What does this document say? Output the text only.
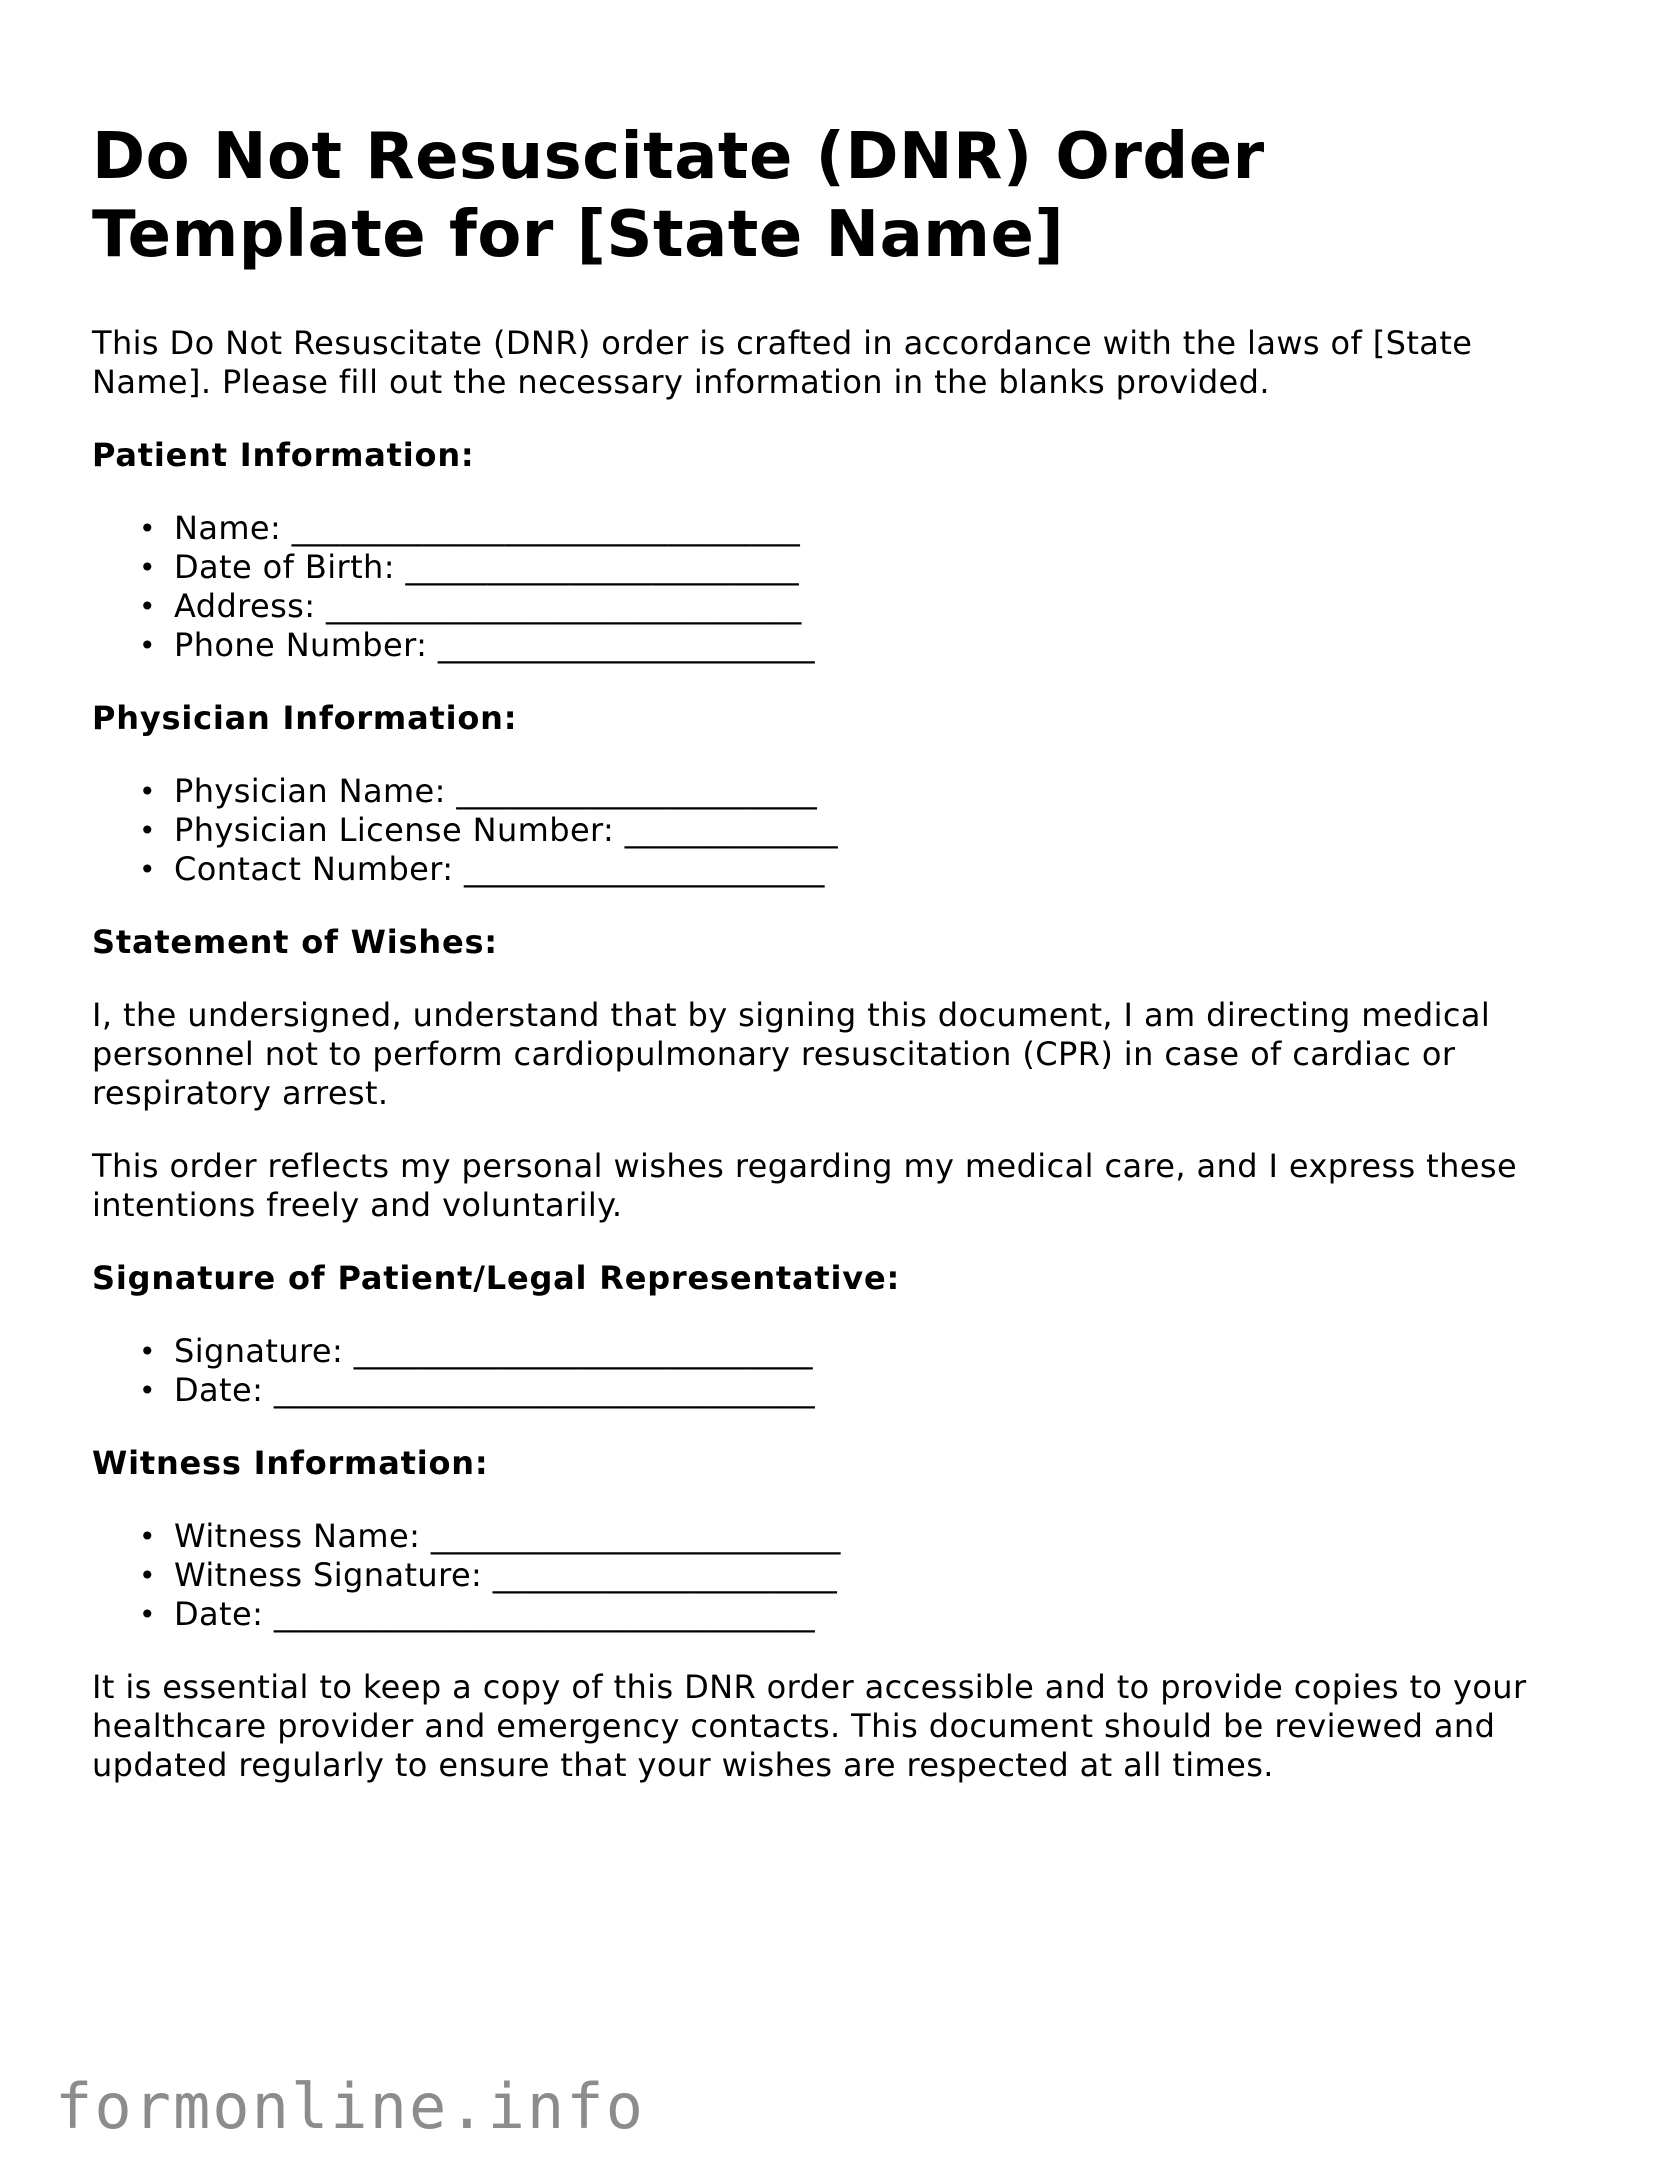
Do Not Resuscitate (DNR) Order Template for [State Name]

This Do Not Resuscitate (DNR) order is crafted in accordance with the laws of [State Name]. Please fill out the necessary information in the blanks provided.

Patient Information:
• Name: _______________________________
• Date of Birth: ________________________
• Address: _____________________________
• Phone Number: _______________________
Physician Information:
• Physician Name: ______________________
• Physician License Number: _____________
• Contact Number: ______________________
Statement of Wishes:

I, the undersigned, understand that by signing this document, I am directing medical personnel not to perform cardiopulmonary resuscitation (CPR) in case of cardiac or respiratory arrest.

This order reflects my personal wishes regarding my medical care, and I express these intentions freely and voluntarily.

Signature of Patient/Legal Representative:
• Signature: ____________________________
• Date: _________________________________
Witness Information:
• Witness Name: _________________________
• Witness Signature: _____________________
• Date: _________________________________

It is essential to keep a copy of this DNR order accessible and to provide copies to your healthcare provider and emergency contacts. This document should be reviewed and updated regularly to ensure that your wishes are respected at all times.

formonline.info
